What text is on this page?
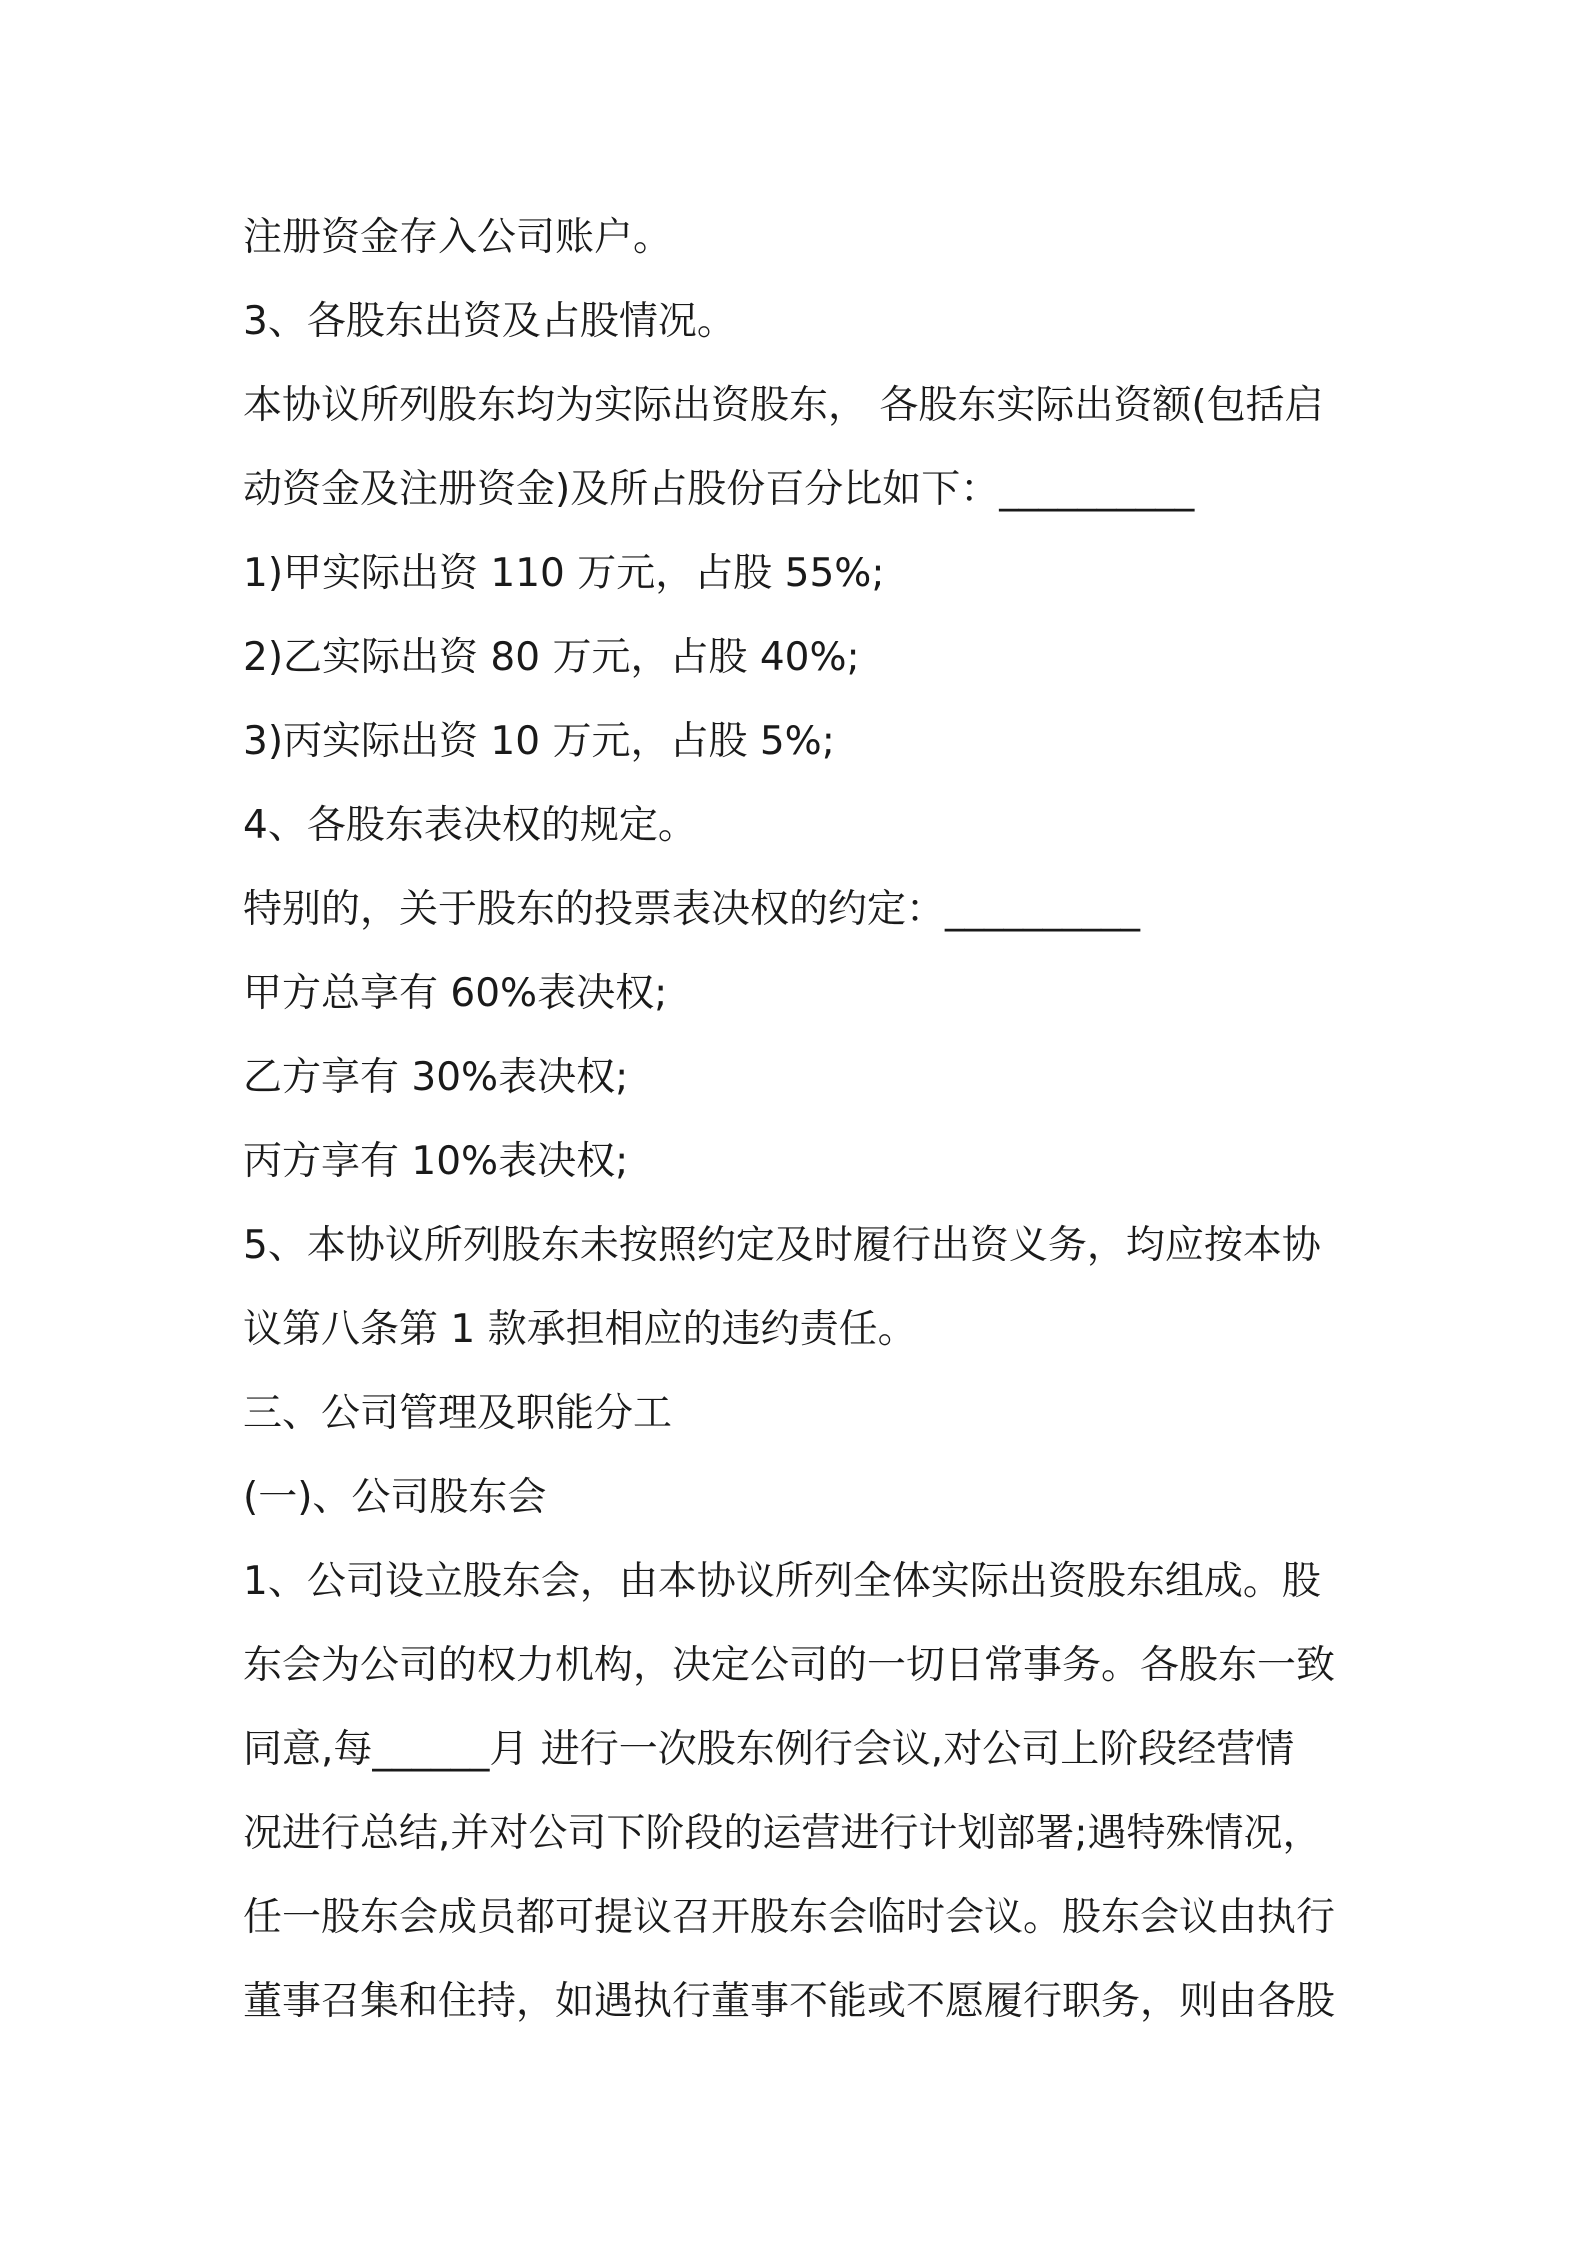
注册资金存入公司账户。
3、各股东出资及占股情况。
本协议所列股东均为实际出资股东， 各股东实际出资额(包括启
动资金及注册资金)及所占股份百分比如下：__________
1)甲实际出资 110 万元，占股 55%;
2)乙实际出资 80 万元，占股 40%;
3)丙实际出资 10 万元，占股 5%;
4、各股东表决权的规定。
特别的，关于股东的投票表决权的约定：__________
甲方总享有 60%表决权;
乙方享有 30%表决权;
丙方享有 10%表决权;
5、本协议所列股东未按照约定及时履行出资义务，均应按本协
议第八条第 1 款承担相应的违约责任。
三、公司管理及职能分工
(一)、公司股东会
1、公司设立股东会，由本协议所列全体实际出资股东组成。股
东会为公司的权力机构，决定公司的一切日常事务。各股东一致
同意,每______月 进行一次股东例行会议,对公司上阶段经营情
况进行总结,并对公司下阶段的运营进行计划部署;遇特殊情况，
任一股东会成员都可提议召开股东会临时会议。股东会议由执行
董事召集和住持，如遇执行董事不能或不愿履行职务，则由各股
